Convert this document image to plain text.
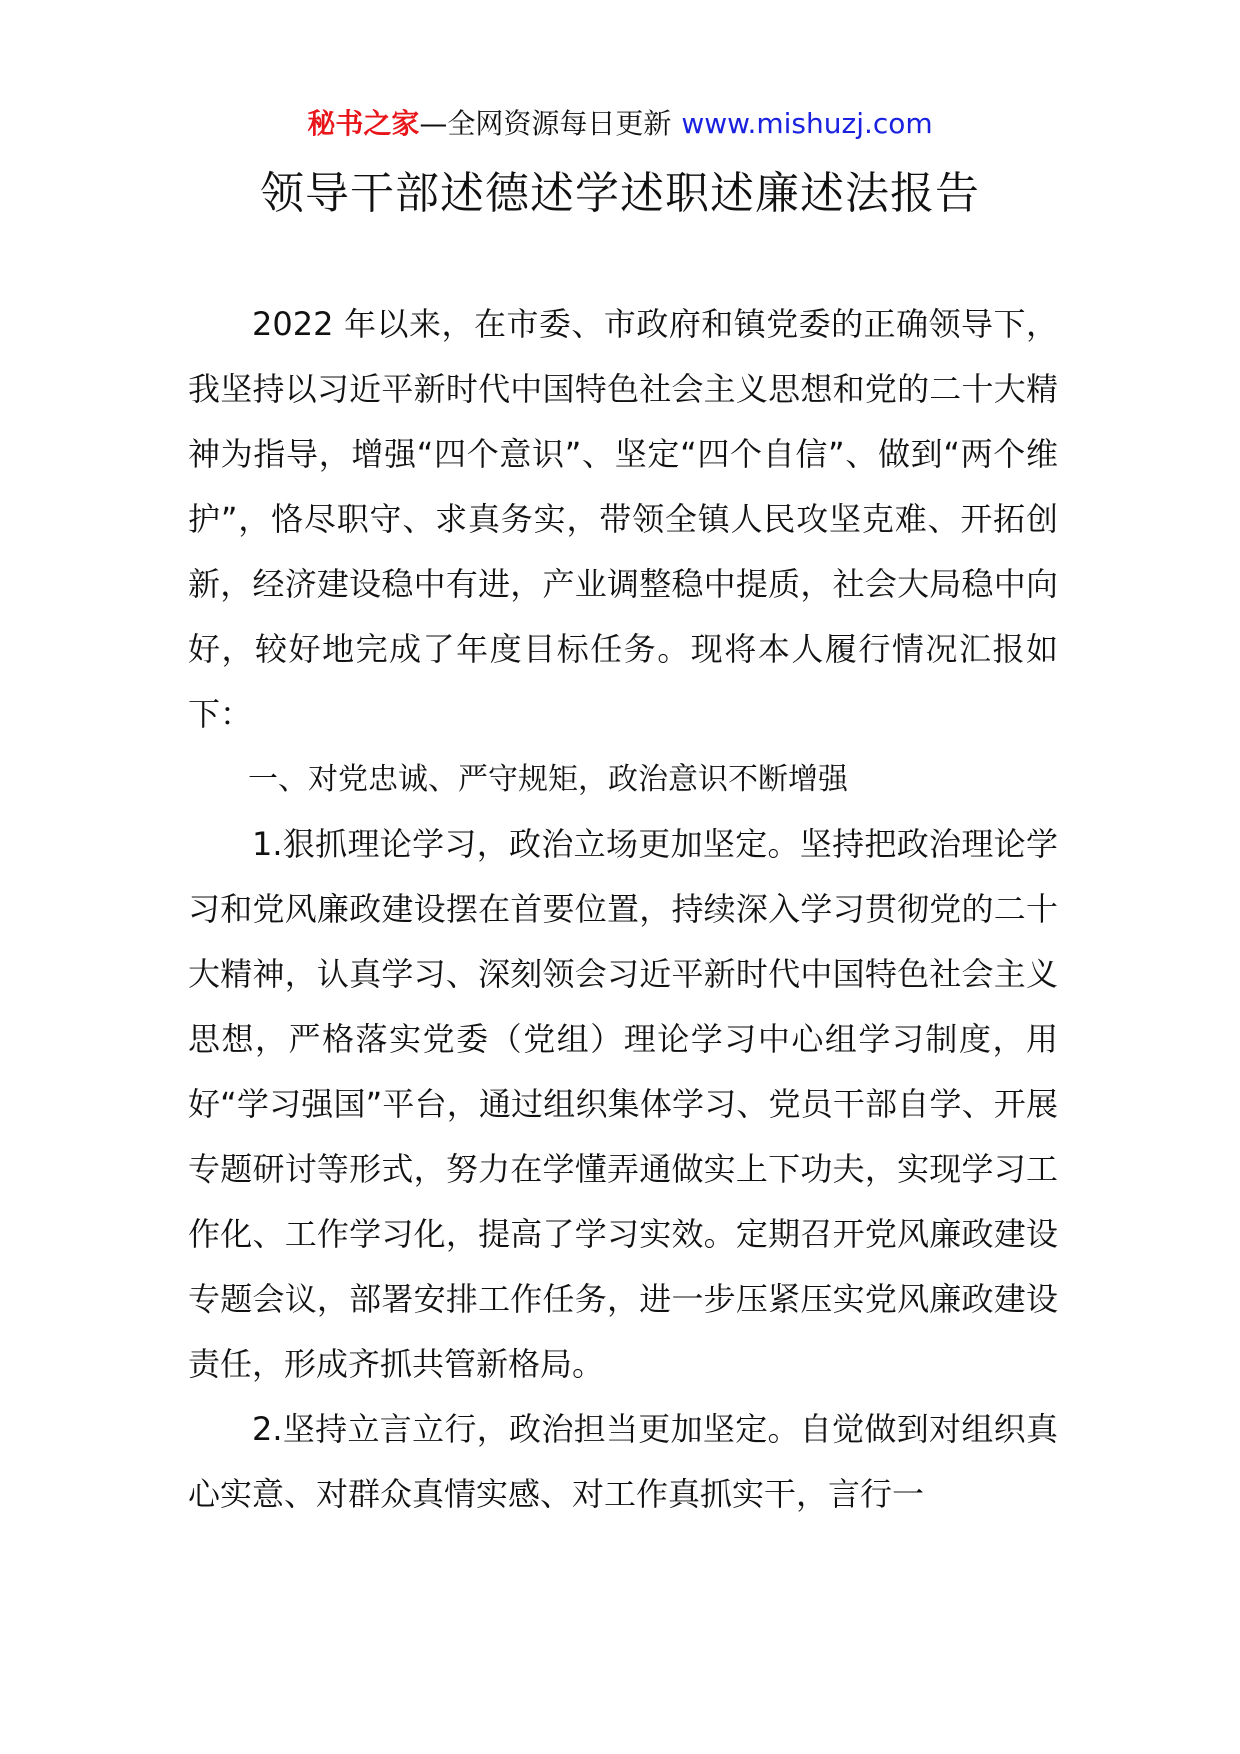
秘书之家—全网资源每日更新 www.mishuzj.com
领导干部述德述学述职述廉述法报告

2022 年以来，在市委、市政府和镇党委的正确领导下，我坚持以习近平新时代中国特色社会主义思想和党的二十大精神为指导，增强“四个意识”、坚定“四个自信”、做到“两个维护”，恪尽职守、求真务实，带领全镇人民攻坚克难、开拓创新，经济建设稳中有进，产业调整稳中提质，社会大局稳中向好，较好地完成了年度目标任务。现将本人履行情况汇报如下：

一、对党忠诚、严守规矩，政治意识不断增强

1.狠抓理论学习，政治立场更加坚定。坚持把政治理论学习和党风廉政建设摆在首要位置，持续深入学习贯彻党的二十大精神，认真学习、深刻领会习近平新时代中国特色社会主义思想，严格落实党委（党组）理论学习中心组学习制度，用好“学习强国”平台，通过组织集体学习、党员干部自学、开展专题研讨等形式，努力在学懂弄通做实上下功夫，实现学习工作化、工作学习化，提高了学习实效。定期召开党风廉政建设专题会议，部署安排工作任务，进一步压紧压实党风廉政建设责任，形成齐抓共管新格局。

2.坚持立言立行，政治担当更加坚定。自觉做到对组织真心实意、对群众真情实感、对工作真抓实干，言行一
